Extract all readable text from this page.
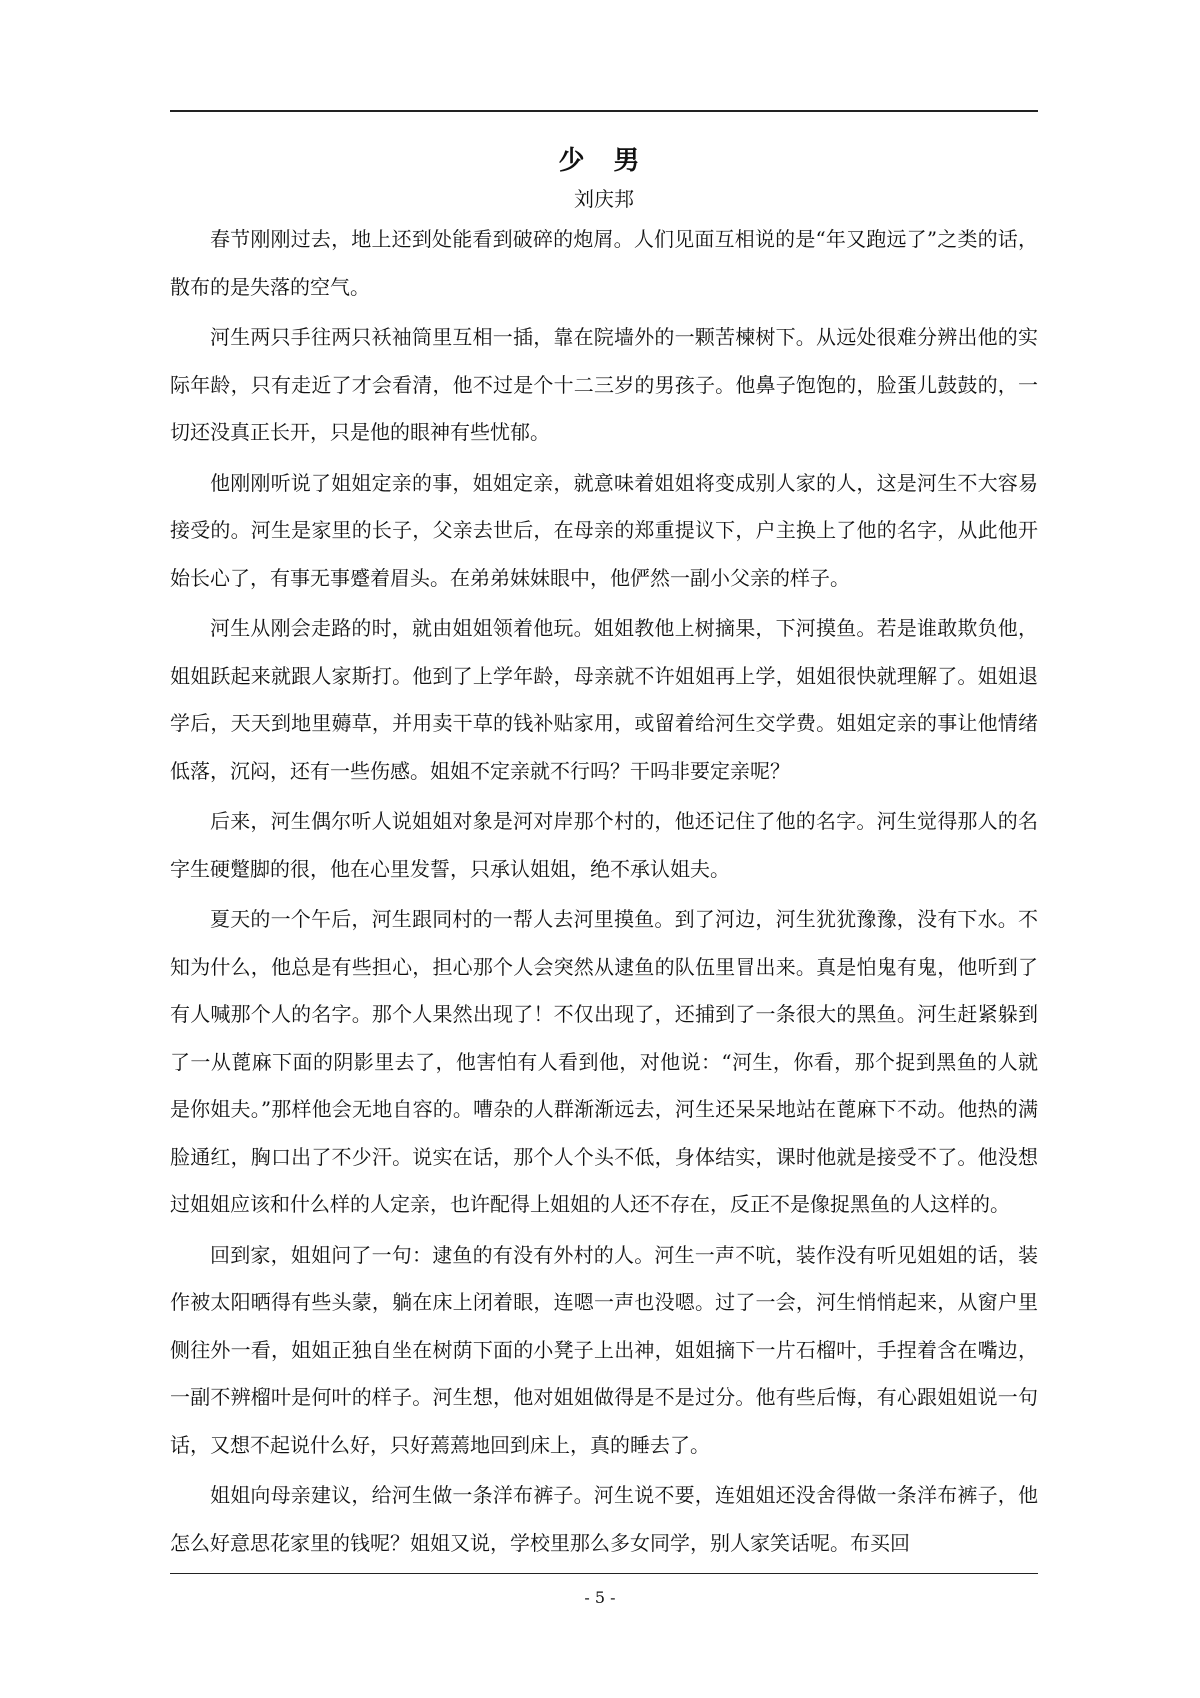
少 男
刘庆邦

春节刚刚过去，地上还到处能看到破碎的炮屑。人们见面互相说的是“年又跑远了”之类的话，散布的是失落的空气。

河生两只手往两只袄袖筒里互相一插，靠在院墙外的一颗苦楝树下。从远处很难分辨出他的实际年龄，只有走近了才会看清，他不过是个十二三岁的男孩子。他鼻子饱饱的，脸蛋儿鼓鼓的，一切还没真正长开，只是他的眼神有些忧郁。

他刚刚听说了姐姐定亲的事，姐姐定亲，就意味着姐姐将变成别人家的人，这是河生不大容易接受的。河生是家里的长子，父亲去世后，在母亲的郑重提议下，户主换上了他的名字，从此他开始长心了，有事无事蹙着眉头。在弟弟妹妹眼中，他俨然一副小父亲的样子。

河生从刚会走路的时，就由姐姐领着他玩。姐姐教他上树摘果，下河摸鱼。若是谁敢欺负他，姐姐跃起来就跟人家斯打。他到了上学年龄，母亲就不许姐姐再上学，姐姐很快就理解了。姐姐退学后，天天到地里薅草，并用卖干草的钱补贴家用，或留着给河生交学费。姐姐定亲的事让他情绪低落，沉闷，还有一些伤感。姐姐不定亲就不行吗？干吗非要定亲呢？

后来，河生偶尔听人说姐姐对象是河对岸那个村的，他还记住了他的名字。河生觉得那人的名字生硬蹩脚的很，他在心里发誓，只承认姐姐，绝不承认姐夫。

夏天的一个午后，河生跟同村的一帮人去河里摸鱼。到了河边，河生犹犹豫豫，没有下水。不知为什么，他总是有些担心，担心那个人会突然从逮鱼的队伍里冒出来。真是怕鬼有鬼，他听到了有人喊那个人的名字。那个人果然出现了！不仅出现了，还捕到了一条很大的黑鱼。河生赶紧躲到了一从蓖麻下面的阴影里去了，他害怕有人看到他，对他说：“河生，你看，那个捉到黑鱼的人就是你姐夫。”那样他会无地自容的。嘈杂的人群渐渐远去，河生还呆呆地站在蓖麻下不动。他热的满脸通红，胸口出了不少汗。说实在话，那个人个头不低，身体结实，课时他就是接受不了。他没想过姐姐应该和什么样的人定亲，也许配得上姐姐的人还不存在，反正不是像捉黑鱼的人这样的。

回到家，姐姐问了一句：逮鱼的有没有外村的人。河生一声不吭，装作没有听见姐姐的话，装作被太阳晒得有些头蒙，躺在床上闭着眼，连嗯一声也没嗯。过了一会，河生悄悄起来，从窗户里侧往外一看，姐姐正独自坐在树荫下面的小凳子上出神，姐姐摘下一片石榴叶，手捏着含在嘴边，一副不辨榴叶是何叶的样子。河生想，他对姐姐做得是不是过分。他有些后悔，有心跟姐姐说一句话，又想不起说什么好，只好蔫蔫地回到床上，真的睡去了。

姐姐向母亲建议，给河生做一条洋布裤子。河生说不要，连姐姐还没舍得做一条洋布裤子，他怎么好意思花家里的钱呢？姐姐又说，学校里那么多女同学，别人家笑话呢。布买回

- 5 -
